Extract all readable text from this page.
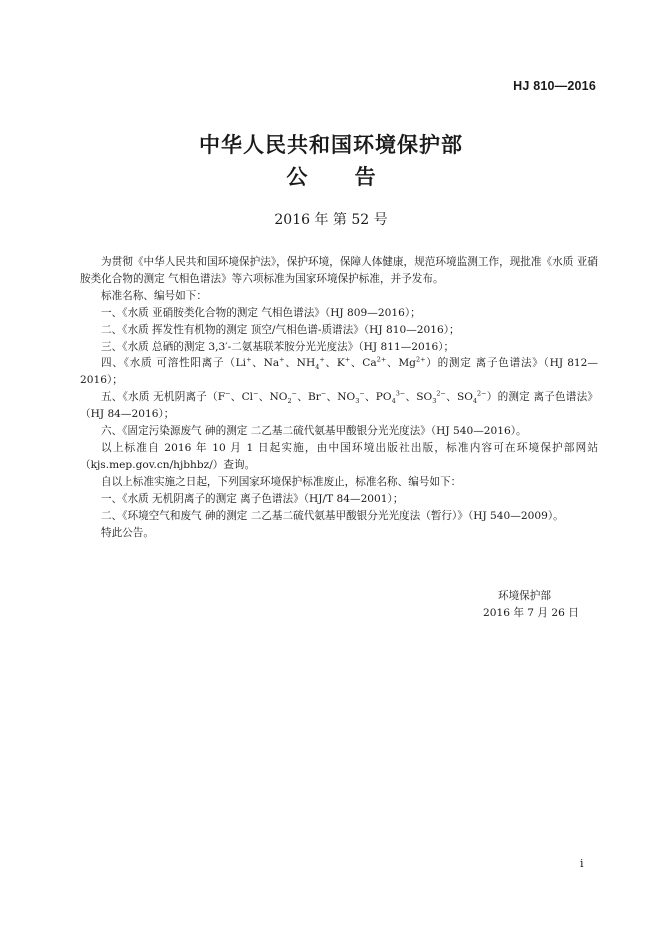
HJ 810—2016
中华人民共和国环境保护部
公 告
2016 年 第 52 号

为贯彻《中华人民共和国环境保护法》，保护环境，保障人体健康，规范环境监测工作，现批准《水质 亚硝胺类化合物的测定 气相色谱法》等六项标准为国家环境保护标准，并予发布。

标准名称、编号如下：

一、《水质 亚硝胺类化合物的测定 气相色谱法》（HJ 809—2016）；

二、《水质 挥发性有机物的测定 顶空/气相色谱-质谱法》（HJ 810—2016）；

三、《水质 总硒的测定 3,3′-二氨基联苯胺分光光度法》（HJ 811—2016）；

四、《水质 可溶性阳离子（Li+、Na+、$NH_4^+$、K+、$Ca^{2+}$、$Mg^{2+}$）的测定 离子色谱法》（HJ 812—2016）；

五、《水质 无机阴离子（F−、Cl−、$NO_2^-$、Br−、$NO_3^-$、$PO_4^{3-}$、$SO_3^{2-}$、$SO_4^{2-}$）的测定 离子色谱法》（HJ 84—2016）；

六、《固定污染源废气 砷的测定 二乙基二硫代氨基甲酸银分光光度法》（HJ 540—2016）。

以上标准自 2016 年 10 月 1 日起实施，由中国环境出版社出版，标准内容可在环境保护部网站（kjs.mep.gov.cn/hjbhbz/）查询。

自以上标准实施之日起，下列国家环境保护标准废止，标准名称、编号如下：

一、《水质 无机阴离子的测定 离子色谱法》（HJ/T 84—2001）；

二、《环境空气和废气 砷的测定 二乙基二硫代氨基甲酸银分光光度法（暂行）》（HJ 540—2009）。

特此公告。

环境保护部
2016 年 7 月 26 日
i
